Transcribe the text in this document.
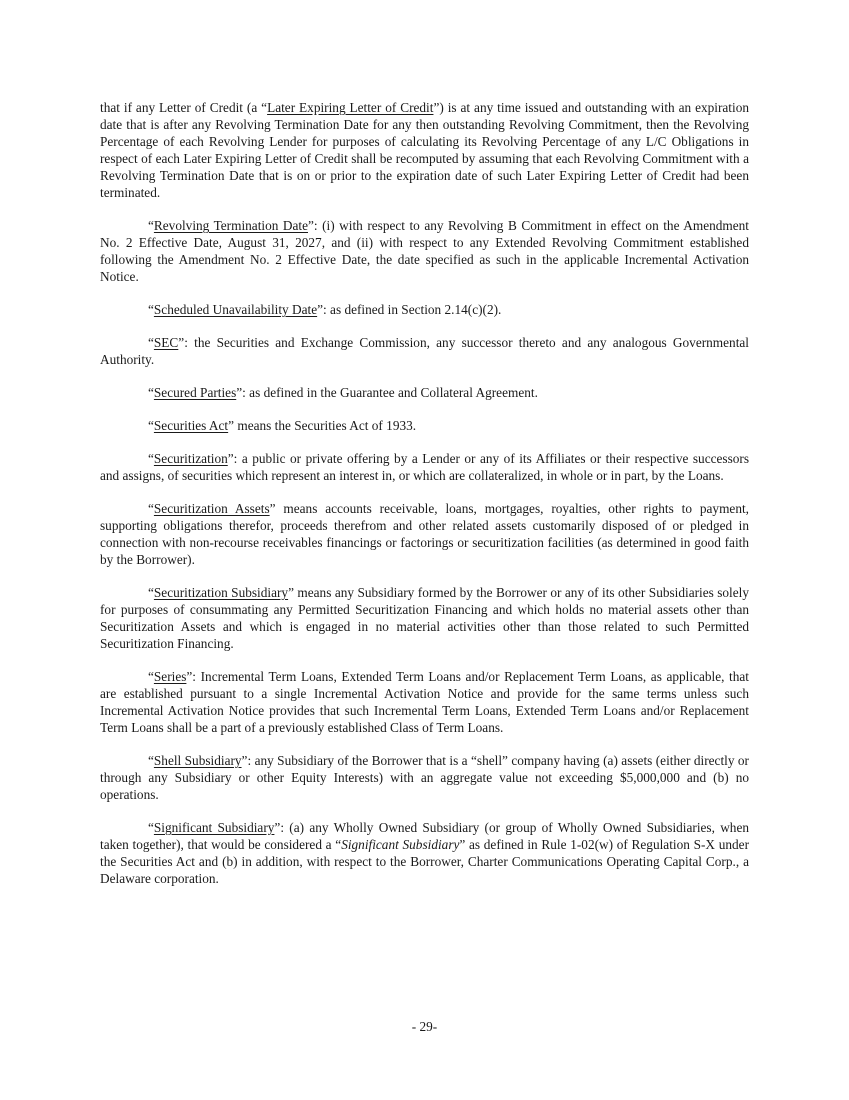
that if any Letter of Credit (a “Later Expiring Letter of Credit”) is at any time issued and outstanding with an expiration date that is after any Revolving Termination Date for any then outstanding Revolving Commitment, then the Revolving Percentage of each Revolving Lender for purposes of calculating its Revolving Percentage of any L/C Obligations in respect of each Later Expiring Letter of Credit shall be recomputed by assuming that each Revolving Commitment with a Revolving Termination Date that is on or prior to the expiration date of such Later Expiring Letter of Credit had been terminated.

“Revolving Termination Date”: (i) with respect to any Revolving B Commitment in effect on the Amendment No. 2 Effective Date, August 31, 2027, and (ii) with respect to any Extended Revolving Commitment established following the Amendment No. 2 Effective Date, the date specified as such in the applicable Incremental Activation Notice.

“Scheduled Unavailability Date”: as defined in Section 2.14(c)(2).

“SEC”: the Securities and Exchange Commission, any successor thereto and any analogous Governmental Authority.

“Secured Parties”: as defined in the Guarantee and Collateral Agreement.

“Securities Act” means the Securities Act of 1933.

“Securitization”: a public or private offering by a Lender or any of its Affiliates or their respective successors and assigns, of securities which represent an interest in, or which are collateralized, in whole or in part, by the Loans.

“Securitization Assets” means accounts receivable, loans, mortgages, royalties, other rights to payment, supporting obligations therefor, proceeds therefrom and other related assets customarily disposed of or pledged in connection with non-recourse receivables financings or factorings or securitization facilities (as determined in good faith by the Borrower).

“Securitization Subsidiary” means any Subsidiary formed by the Borrower or any of its other Subsidiaries solely for purposes of consummating any Permitted Securitization Financing and which holds no material assets other than Securitization Assets and which is engaged in no material activities other than those related to such Permitted Securitization Financing.

“Series”: Incremental Term Loans, Extended Term Loans and/or Replacement Term Loans, as applicable, that are established pursuant to a single Incremental Activation Notice and provide for the same terms unless such Incremental Activation Notice provides that such Incremental Term Loans, Extended Term Loans and/or Replacement Term Loans shall be a part of a previously established Class of Term Loans.

“Shell Subsidiary”: any Subsidiary of the Borrower that is a “shell” company having (a) assets (either directly or through any Subsidiary or other Equity Interests) with an aggregate value not exceeding $5,000,000 and (b) no operations.

“Significant Subsidiary”: (a) any Wholly Owned Subsidiary (or group of Wholly Owned Subsidiaries, when taken together), that would be considered a “Significant Subsidiary” as defined in Rule 1-02(w) of Regulation S-X under the Securities Act and (b) in addition, with respect to the Borrower, Charter Communications Operating Capital Corp., a Delaware corporation.

- 29-
